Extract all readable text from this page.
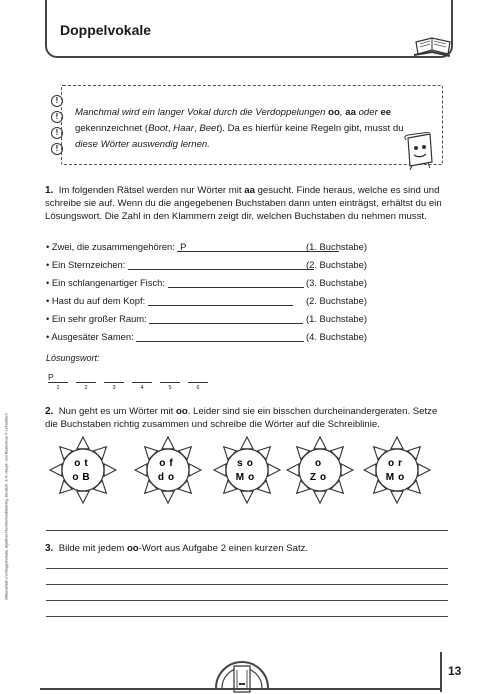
Doppelvokale
!
!
!
!
Manchmal wird ein langer Vokal durch die Verdoppelungen oo, aa oder ee
gekennzeichnet (Boot, Haar, Beet). Da es hierfür keine Regeln gibt, musst du
diese Wörter auswendig lernen.
1. Im folgenden Rätsel werden nur Wörter mit aa gesucht. Finde heraus, welche es sind und schreibe sie auf. Wenn du die angegebenen Buchstaben dann unten einträgst, erhältst du ein Lösungswort. Die Zahl in den Klammern zeigt dir, welchen Buchstaben du nehmen musst.
• Zwei, die zusammengehören: P	(1. Buchstabe)
• Ein Sternzeichen:	(2. Buchstabe)
• Ein schlangenartiger Fisch:	(3. Buchstabe)
• Hast du auf dem Kopf:	(2. Buchstabe)
• Ein sehr großer Raum:	(1. Buchstabe)
• Ausgesäter Samen:	(4. Buchstabe)
Lösungswort:
P
1	2	3	4	5	6
2. Nun geht es um Wörter mit oo. Leider sind sie ein bisschen durcheinandergeraten. Setze die Buchstaben richtig zusammen und schreibe die Wörter auf die Schreiblinie.
ot
oB
of
do
so
Mo
o
Zo
or
Mo
3. Bilde mit jedem oo-Wort aus Aufgabe 2 einen kurzen Satz.
Silbenarbeit und Doppelvokale, tägliches Rechtschreibtraining, Deutsch, 3./4. Haupt- und Realschule © Lehrerbüro
13
